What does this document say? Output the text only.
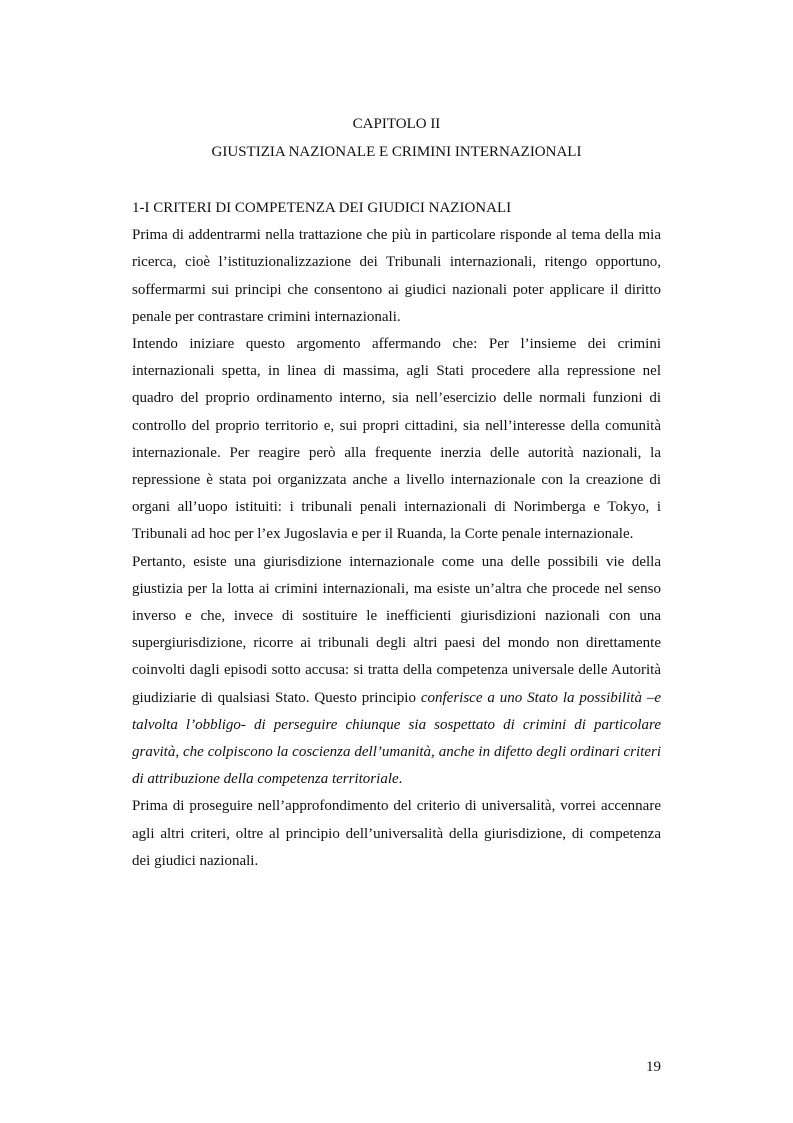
CAPITOLO II
GIUSTIZIA NAZIONALE E CRIMINI INTERNAZIONALI

1-I CRITERI DI COMPETENZA DEI GIUDICI NAZIONALI

Prima di addentrarmi nella trattazione che più in particolare risponde al tema della mia ricerca, cioè l’istituzionalizzazione dei Tribunali internazionali, ritengo opportuno, soffermarmi sui principi che consentono ai giudici nazionali poter applicare il diritto penale per contrastare crimini internazionali.

Intendo iniziare questo argomento affermando che: Per l’insieme dei crimini internazionali spetta, in linea di massima, agli Stati procedere alla repressione nel quadro del proprio ordinamento interno, sia nell’esercizio delle normali funzioni di controllo del proprio territorio e, sui propri cittadini, sia nell’interesse della comunità internazionale. Per reagire però alla frequente inerzia delle autorità nazionali, la repressione è stata poi organizzata anche a livello internazionale con la creazione di organi all’uopo istituiti: i tribunali penali internazionali di Norimberga e Tokyo, i Tribunali ad hoc per l’ex Jugoslavia e per il Ruanda, la Corte penale internazionale.

Pertanto, esiste una giurisdizione internazionale come una delle possibili vie della giustizia per la lotta ai crimini internazionali, ma esiste un’altra che procede nel senso inverso e che, invece di sostituire le inefficienti giurisdizioni nazionali con una supergiurisdizione, ricorre ai tribunali degli altri paesi del mondo non direttamente coinvolti dagli episodi sotto accusa: si tratta della competenza universale delle Autorità giudiziarie di qualsiasi Stato. Questo principio conferisce a uno Stato la possibilità –e talvolta l’obbligo- di perseguire chiunque sia sospettato di crimini di particolare gravità, che colpiscono la coscienza dell’umanità, anche in difetto degli ordinari criteri di attribuzione della competenza territoriale.

Prima di proseguire nell’approfondimento del criterio di universalità, vorrei accennare agli altri criteri, oltre al principio dell’universalità della giurisdizione, di competenza dei giudici nazionali.

19
